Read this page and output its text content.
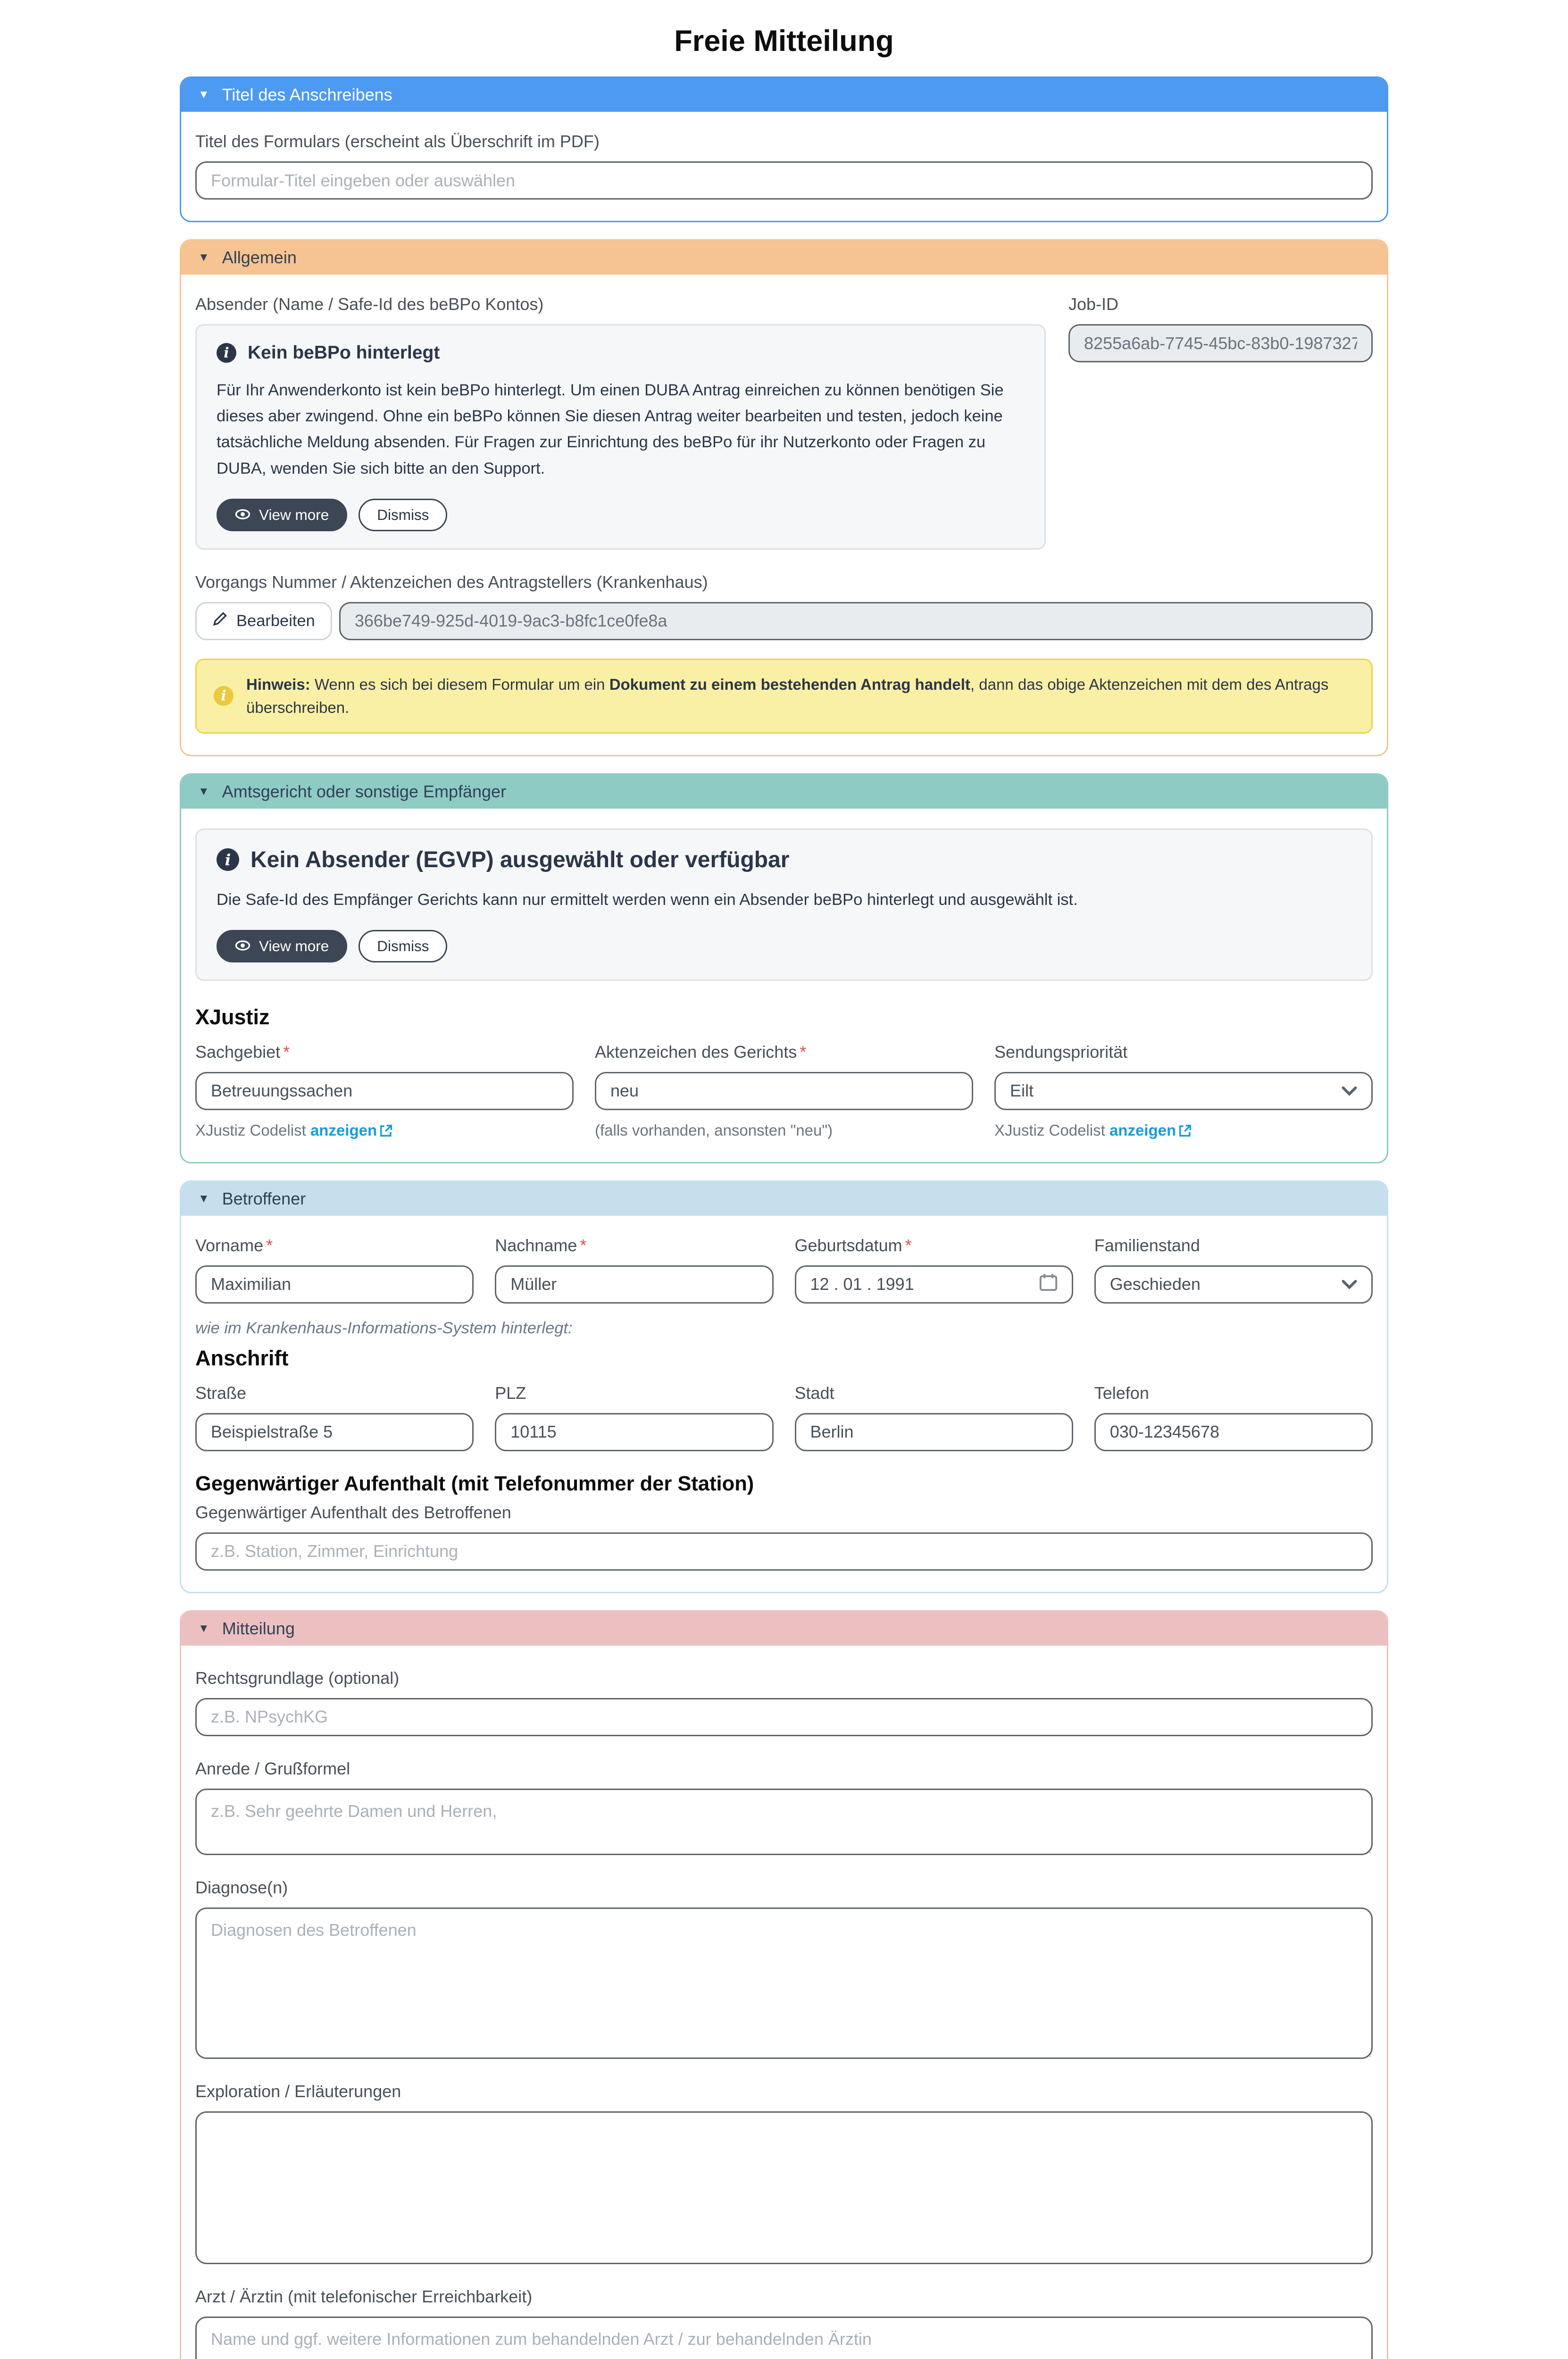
Freie Mitteilung
▼ Titel des Anschreibens
Titel des Formulars (erscheint als Überschrift im PDF)
Formular-Titel eingeben oder auswählen
▼ Allgemein
Absender (Name / Safe-Id des beBPo Kontos)
i	Kein beBPo hinterlegt
Für Ihr Anwenderkonto ist kein beBPo hinterlegt. Um einen DUBA Antrag einreichen zu können benötigen Sie dieses aber zwingend. Ohne ein beBPo können Sie diesen Antrag weiter bearbeiten und testen, jedoch keine tatsächliche Meldung absenden. Für Fragen zur Einrichtung des beBPo für ihr Nutzerkonto oder Fragen zu DUBA, wenden Sie sich bitte an den Support.
View more	Dismiss
Job-ID
8255a6ab-7745-45bc-83b0-1987327
Vorgangs Nummer / Aktenzeichen des Antragstellers (Krankenhaus)
Bearbeiten
366be749-925d-4019-9ac3-b8fc1ce0fe8a
i
Hinweis: Wenn es sich bei diesem Formular um ein Dokument zu einem bestehenden Antrag handelt, dann das obige Aktenzeichen mit dem des Antrags überschreiben.
▼ Amtsgericht oder sonstige Empfänger
i	Kein Absender (EGVP) ausgewählt oder verfügbar
Die Safe-Id des Empfänger Gerichts kann nur ermittelt werden wenn ein Absender beBPo hinterlegt und ausgewählt ist.
View more	Dismiss
XJustiz
Sachgebiet *
Betreuungssachen
XJustiz Codelist anzeigen
Aktenzeichen des Gerichts *
neu
(falls vorhanden, ansonsten "neu")
Sendungspriorität
Eilt
XJustiz Codelist anzeigen
▼ Betroffener
Vorname *
Maximilian	Nachname *
Müller	Geburtsdatum *
12 . 01 . 1991
Familienstand
Geschieden
wie im Krankenhaus-Informations-System hinterlegt:
Anschrift
Straße
Beispielstraße 5	PLZ
10115	Stadt
Berlin	Telefon
030-12345678
Gegenwärtiger Aufenthalt (mit Telefonummer der Station)
Gegenwärtiger Aufenthalt des Betroffenen
z.B. Station, Zimmer, Einrichtung
▼ Mitteilung
Rechtsgrundlage (optional)
z.B. NPsychKG
Anrede / Grußformel
z.B. Sehr geehrte Damen und Herren,
Diagnose(n)
Diagnosen des Betroffenen
Exploration / Erläuterungen
Arzt / Ärztin (mit telefonischer Erreichbarkeit)
Name und ggf. weitere Informationen zum behandelnden Arzt / zur behandelnden Ärztin
